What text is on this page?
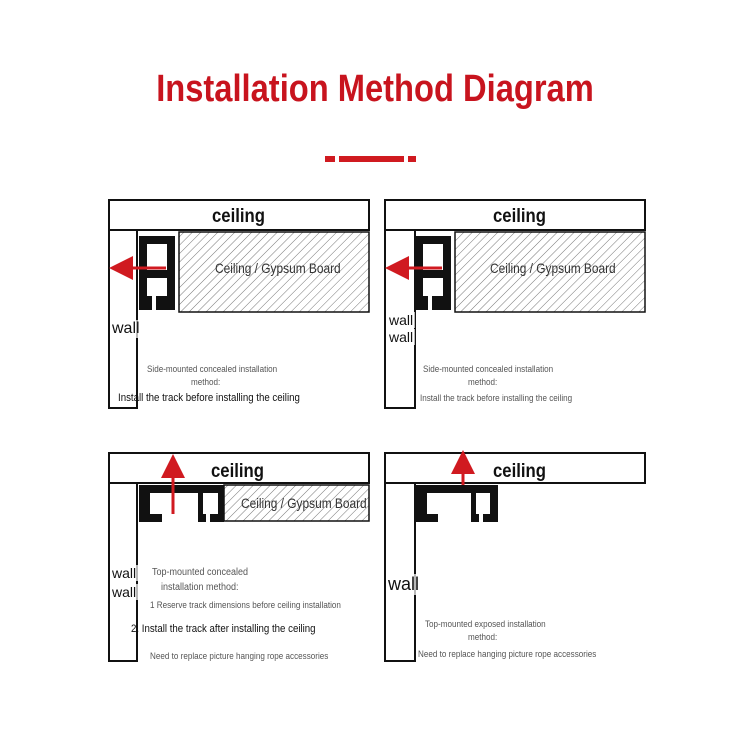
Installation Method Diagram
ceiling
Ceiling / Gypsum Board
wall
Side-mounted concealed installation
method:
Install the track before installing the ceiling
ceiling
Ceiling / Gypsum Board
wall
wall
Side-mounted concealed installation
method:
Install the track before installing the ceiling
ceiling
Ceiling / Gypsum Board
wall
wall
Top-mounted concealed
installation method:
1 Reserve track dimensions before ceiling installation
2. Install the track after installing the ceiling
Need to replace picture hanging rope accessories
ceiling
wall
Top-mounted exposed installation
method:
Need to replace hanging picture rope accessories
